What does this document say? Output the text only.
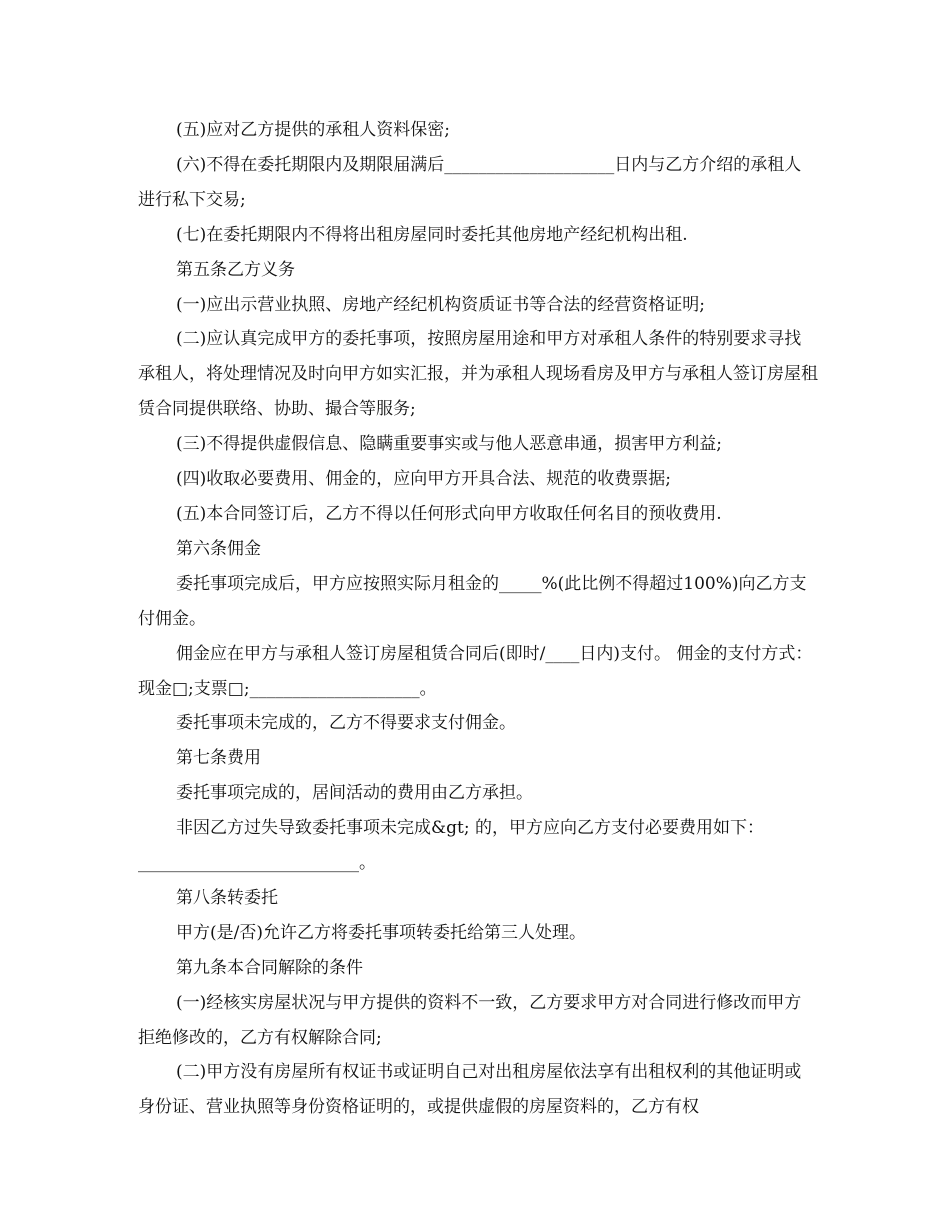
(五)应对乙方提供的承租人资料保密;

(六)不得在委托期限内及期限届满后____________________日内与乙方介绍的承租人进行私下交易;

(七)在委托期限内不得将出租房屋同时委托其他房地产经纪机构出租.

第五条乙方义务

(一)应出示营业执照、房地产经纪机构资质证书等合法的经营资格证明;

(二)应认真完成甲方的委托事项，按照房屋用途和甲方对承租人条件的特别要求寻找承租人，将处理情况及时向甲方如实汇报，并为承租人现场看房及甲方与承租人签订房屋租赁合同提供联络、协助、撮合等服务;

(三)不得提供虚假信息、隐瞒重要事实或与他人恶意串通，损害甲方利益;

(四)收取必要费用、佣金的，应向甲方开具合法、规范的收费票据;

(五)本合同签订后，乙方不得以任何形式向甲方收取任何名目的预收费用.

第六条佣金

委托事项完成后，甲方应按照实际月租金的_____%(此比例不得超过100%)向乙方支付佣金。

佣金应在甲方与承租人签订房屋租赁合同后(即时/____日内)支付。 佣金的支付方式：现金□;支票□;____________________。

委托事项未完成的，乙方不得要求支付佣金。

第七条费用

委托事项完成的，居间活动的费用由乙方承担。

非因乙方过失导致委托事项未完成&gt; 的，甲方应向乙方支付必要费用如下：__________________________。

第八条转委托

甲方(是/否)允许乙方将委托事项转委托给第三人处理。

第九条本合同解除的条件

(一)经核实房屋状况与甲方提供的资料不一致，乙方要求甲方对合同进行修改而甲方拒绝修改的，乙方有权解除合同;

(二)甲方没有房屋所有权证书或证明自己对出租房屋依法享有出租权利的其他证明或身份证、营业执照等身份资格证明的，或提供虚假的房屋资料的，乙方有权
